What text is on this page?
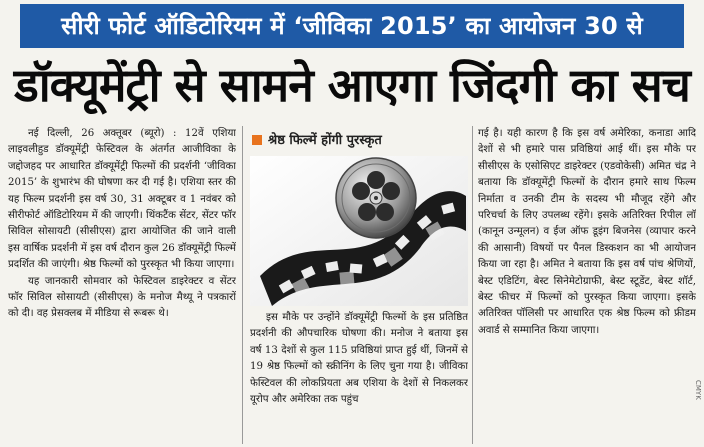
सीरी फोर्ट ऑडिटोरियम में ‘जीविका 2015’ का आयोजन 30 से
डॉक्यूमेंट्री से सामने आएगा जिंदगी का सच

नई दिल्ली, 26 अक्तूबर (ब्यूरो) : 12वें एशिया लाइवलीहुड डॉक्यूमेंट्री फेस्टिवल के अंतर्गत आजीविका के जद्दोजहद पर आधारित डॉक्यूमेंट्री फिल्मों की प्रदर्शनी ‘जीविका 2015’ के शुभारंभ की घोषणा कर दी गई है। एशिया स्तर की यह फिल्म प्रदर्शनी इस वर्ष 30, 31 अक्टूबर व 1 नवंबर को सीरीफोर्ट ऑडिटोरियम में की जाएगी। थिंकटैंक सेंटर, सेंटर फॉर सिविल सोसायटी (सीसीएस) द्वारा आयोजित की जाने वाली इस वार्षिक प्रदर्शनी में इस वर्ष दौरान कुल 26 डॉक्यूमेंट्री फिल्में प्रदर्शित की जाएंगी। श्रेष्ठ फिल्मों को पुरस्कृत भी किया जाएगा।

यह जानकारी सोमवार को फेस्टिवल डाइरेक्टर व सेंटर फॉर सिविल सोसायटी (सीसीएस) के मनोज मैथ्यू ने पत्रकारों को दी। वह प्रेसक्लब में मीडिया से रूबरू थे।

श्रेष्ठ फिल्में होंगी पुरस्कृत

इस मौके पर उन्होंने डॉक्यूमेंट्री फिल्मों के इस प्रतिष्ठित प्रदर्शनी की औपचारिक घोषणा की। मनोज ने बताया इस वर्ष 13 देशों से कुल 115 प्रविष्ठियां प्राप्त हुई थीं, जिनमें से 19 श्रेष्ठ फिल्मों को स्क्रीनिंग के लिए चुना गया है। जीविका फेस्टिवल की लोकप्रियता अब एशिया के देशों से निकलकर यूरोप और अमेरिका तक पहुंच

गई है। यही कारण है कि इस वर्ष अमेरिका, कनाडा आदि देशों से भी हमारे पास प्रविष्ठियां आई थीं। इस मौके पर सीसीएस के एसोसिएट डाइरेक्टर (एडवोकेसी) अमित चंद्र ने बताया कि डॉक्यूमेंट्री फिल्मों के दौरान हमारे साथ फिल्म निर्माता व उनकी टीम के सदस्य भी मौजूद रहेंगे और परिचर्चा के लिए उपलब्ध रहेंगे। इसके अतिरिक्त रिपील लॉ (कानून उन्मूलन) व ईज ऑफ डूइंग बिजनेस (व्यापार करने की आसानी) विषयों पर पैनल डिस्कशन का भी आयोजन किया जा रहा है। अमित ने बताया कि इस वर्ष पांच श्रेणियों, बेस्ट एडिटिंग, बेस्ट सिनेमेटोग्राफी, बेस्ट स्टूडेंट, बेस्ट शॉर्ट, बेस्ट फीचर में फिल्मों को पुरस्कृत किया जाएगा। इसके अतिरिक्त पॉलिसी पर आधारित एक श्रेष्ठ फिल्म को फ्रीडम अवार्ड से सम्मानित किया जाएगा।

CMYK
